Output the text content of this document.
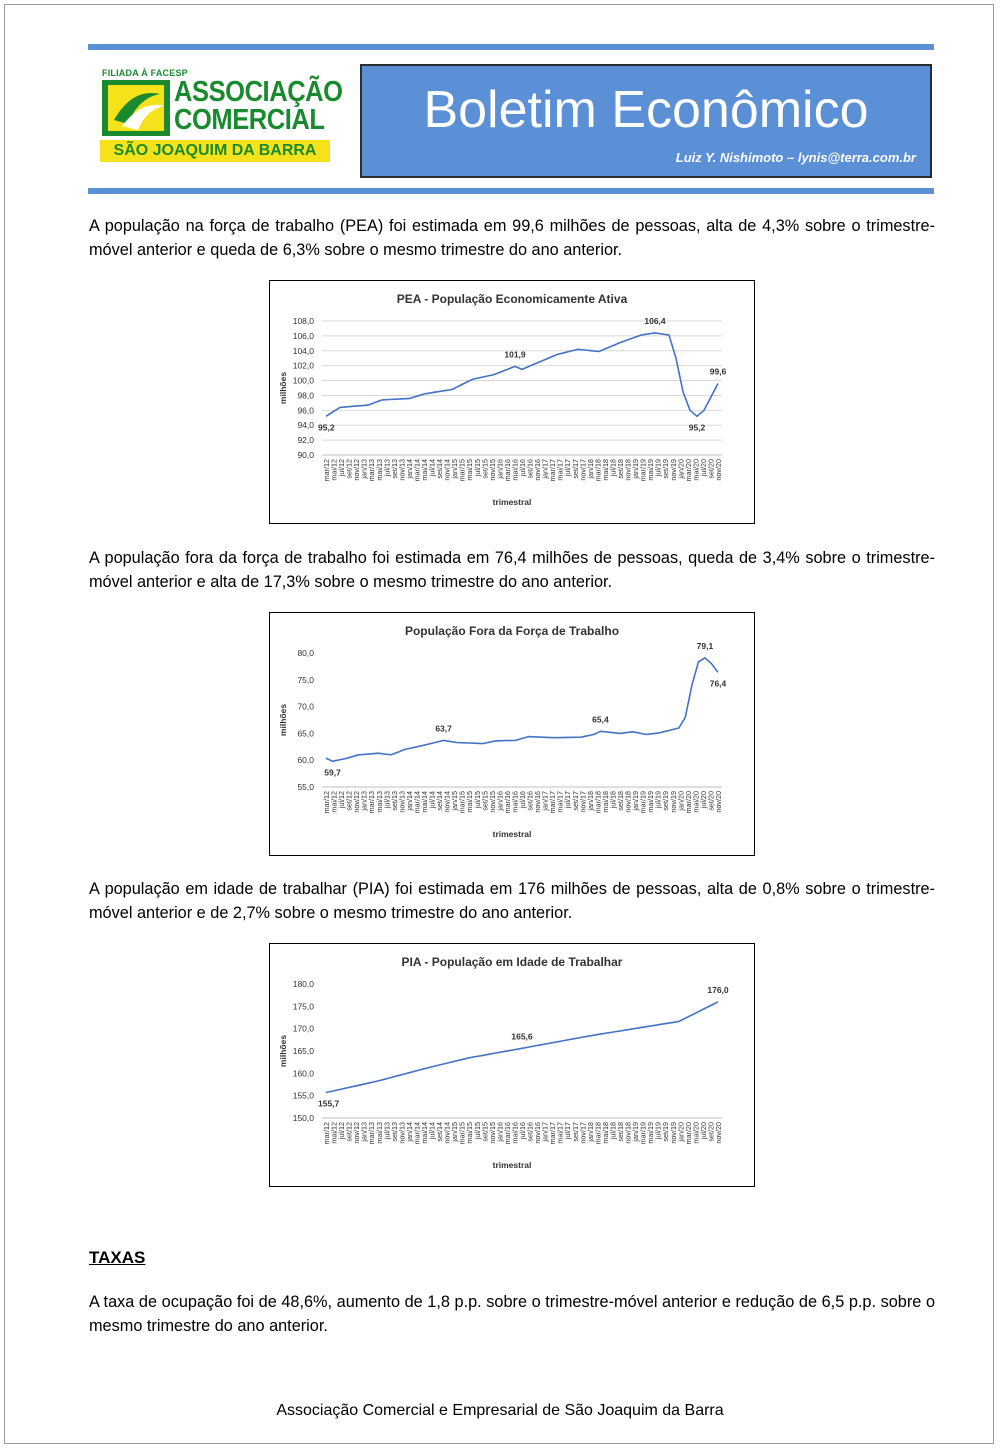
FILIADA À FACESP
ASSOCIAÇÃO
COMERCIAL
SÃO JOAQUIM DA BARRA
Boletim Econômico
Luiz Y. Nishimoto – lynis@terra.com.br

A população na força de trabalho (PEA) foi estimada em 99,6 milhões de pessoas, alta de 4,3% sobre o trimestre-móvel anterior e queda de 6,3% sobre o mesmo trimestre do ano anterior.

PEA - População Economicamente Ativa
90,0
92,0
94,0
96,0
98,0
100,0
102,0
104,0
106,0
108,0
milhões
mar/12
mai/12
jul/12
set/12
nov/12
jan/13
mar/13
mai/13
jul/13
set/13
nov/13
jan/14
mar/14
mai/14
jul/14
set/14
nov/14
jan/15
mar/15
mai/15
jul/15
set/15
nov/15
jan/16
mar/16
mai/16
jul/16
set/16
nov/16
jan/17
mar/17
mai/17
jul/17
set/17
nov/17
jan/18
mar/18
mai/18
jul/18
set/18
nov/18
jan/19
mar/19
mai/19
jul/19
set/19
nov/19
jan/20
mar/20
mai/20
jul/20
set/20
nov/20
trimestral
95,2
101,9
106,4
95,2
99,6

A população fora da força de trabalho foi estimada em 76,4 milhões de pessoas, queda de 3,4% sobre o trimestre-móvel anterior e alta de 17,3% sobre o mesmo trimestre do ano anterior.

População Fora da Força de Trabalho
55,0
60,0
65,0
70,0
75,0
80,0
milhões
mar/12
mai/12
jul/12
set/12
nov/12
jan/13
mar/13
mai/13
jul/13
set/13
nov/13
jan/14
mar/14
mai/14
jul/14
set/14
nov/14
jan/15
mar/15
mai/15
jul/15
set/15
nov/15
jan/16
mar/16
mai/16
jul/16
set/16
nov/16
jan/17
mar/17
mai/17
jul/17
set/17
nov/17
jan/18
mar/18
mai/18
jul/18
set/18
nov/18
jan/19
mar/19
mai/19
jul/19
set/19
nov/19
jan/20
mar/20
mai/20
jul/20
set/20
nov/20
trimestral
59,7
63,7
65,4
79,1
76,4

A população em idade de trabalhar (PIA) foi estimada em 176 milhões de pessoas, alta de 0,8% sobre o trimestre-móvel anterior e de 2,7% sobre o mesmo trimestre do ano anterior.

PIA - População em Idade de Trabalhar
150,0
155,0
160,0
165,0
170,0
175,0
180,0
milhões
mar/12
mai/12
jul/12
set/12
nov/12
jan/13
mar/13
mai/13
jul/13
set/13
nov/13
jan/14
mar/14
mai/14
jul/14
set/14
nov/14
jan/15
mar/15
mai/15
jul/15
set/15
nov/15
jan/16
mar/16
mai/16
jul/16
set/16
nov/16
jan/17
mar/17
mai/17
jul/17
set/17
nov/17
jan/18
mar/18
mai/18
jul/18
set/18
nov/18
jan/19
mar/19
mai/19
jul/19
set/19
nov/19
jan/20
mar/20
mai/20
jul/20
set/20
nov/20
trimestral
155,7
165,6
176,0
TAXAS

A taxa de ocupação foi de 48,6%, aumento de 1,8 p.p. sobre o trimestre-móvel anterior e redução de 6,5 p.p. sobre o mesmo trimestre do ano anterior.

Associação Comercial e Empresarial de São Joaquim da Barra
